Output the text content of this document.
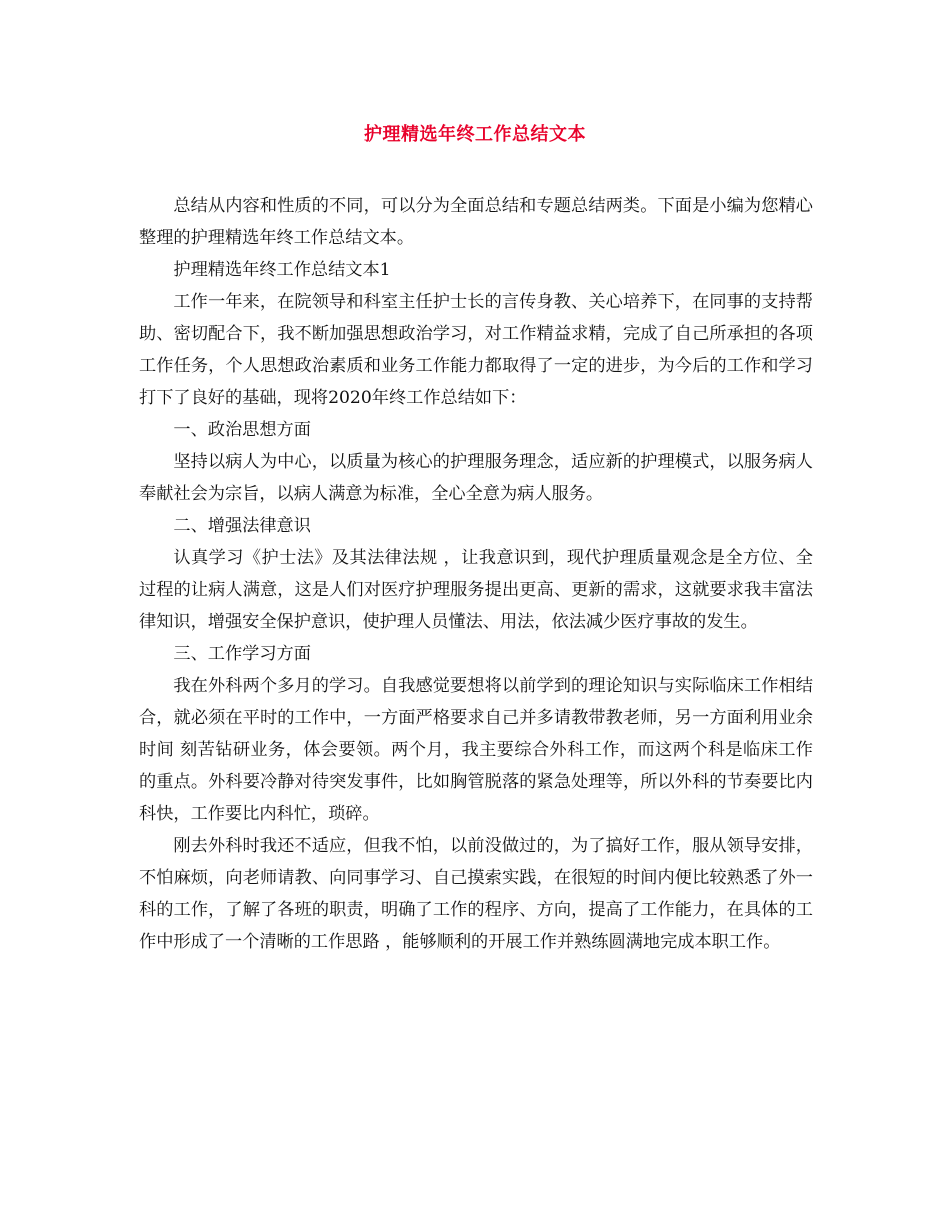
护理精选年终工作总结文本

总结从内容和性质的不同，可以分为全面总结和专题总结两类。下面是小编为您精心整理的护理精选年终工作总结文本。

护理精选年终工作总结文本1

工作一年来，在院领导和科室主任护士长的言传身教、关心培养下，在同事的支持帮助、密切配合下，我不断加强思想政治学习，对工作精益求精，完成了自己所承担的各项工作任务，个人思想政治素质和业务工作能力都取得了一定的进步，为今后的工作和学习打下了良好的基础，现将2020年终工作总结如下：

一、政治思想方面

坚持以病人为中心，以质量为核心的护理服务理念，适应新的护理模式，以服务病人奉献社会为宗旨，以病人满意为标准，全心全意为病人服务。

二、增强法律意识

认真学习《护士法》及其法律法规 ，让我意识到，现代护理质量观念是全方位、全过程的让病人满意，这是人们对医疗护理服务提出更高、更新的需求，这就要求我丰富法律知识，增强安全保护意识，使护理人员懂法、用法，依法减少医疗事故的发生。

三、工作学习方面

我在外科两个多月的学习。自我感觉要想将以前学到的理论知识与实际临床工作相结合，就必须在平时的工作中，一方面严格要求自己并多请教带教老师，另一方面利用业余时间 刻苦钻研业务，体会要领。两个月，我主要综合外科工作，而这两个科是临床工作的重点。外科要冷静对待突发事件，比如胸管脱落的紧急处理等，所以外科的节奏要比内科快，工作要比内科忙，琐碎。

刚去外科时我还不适应，但我不怕，以前没做过的，为了搞好工作，服从领导安排，不怕麻烦，向老师请教、向同事学习、自己摸索实践，在很短的时间内便比较熟悉了外一科的工作，了解了各班的职责，明确了工作的程序、方向，提高了工作能力，在具体的工作中形成了一个清晰的工作思路 ，能够顺利的开展工作并熟练圆满地完成本职工作。
